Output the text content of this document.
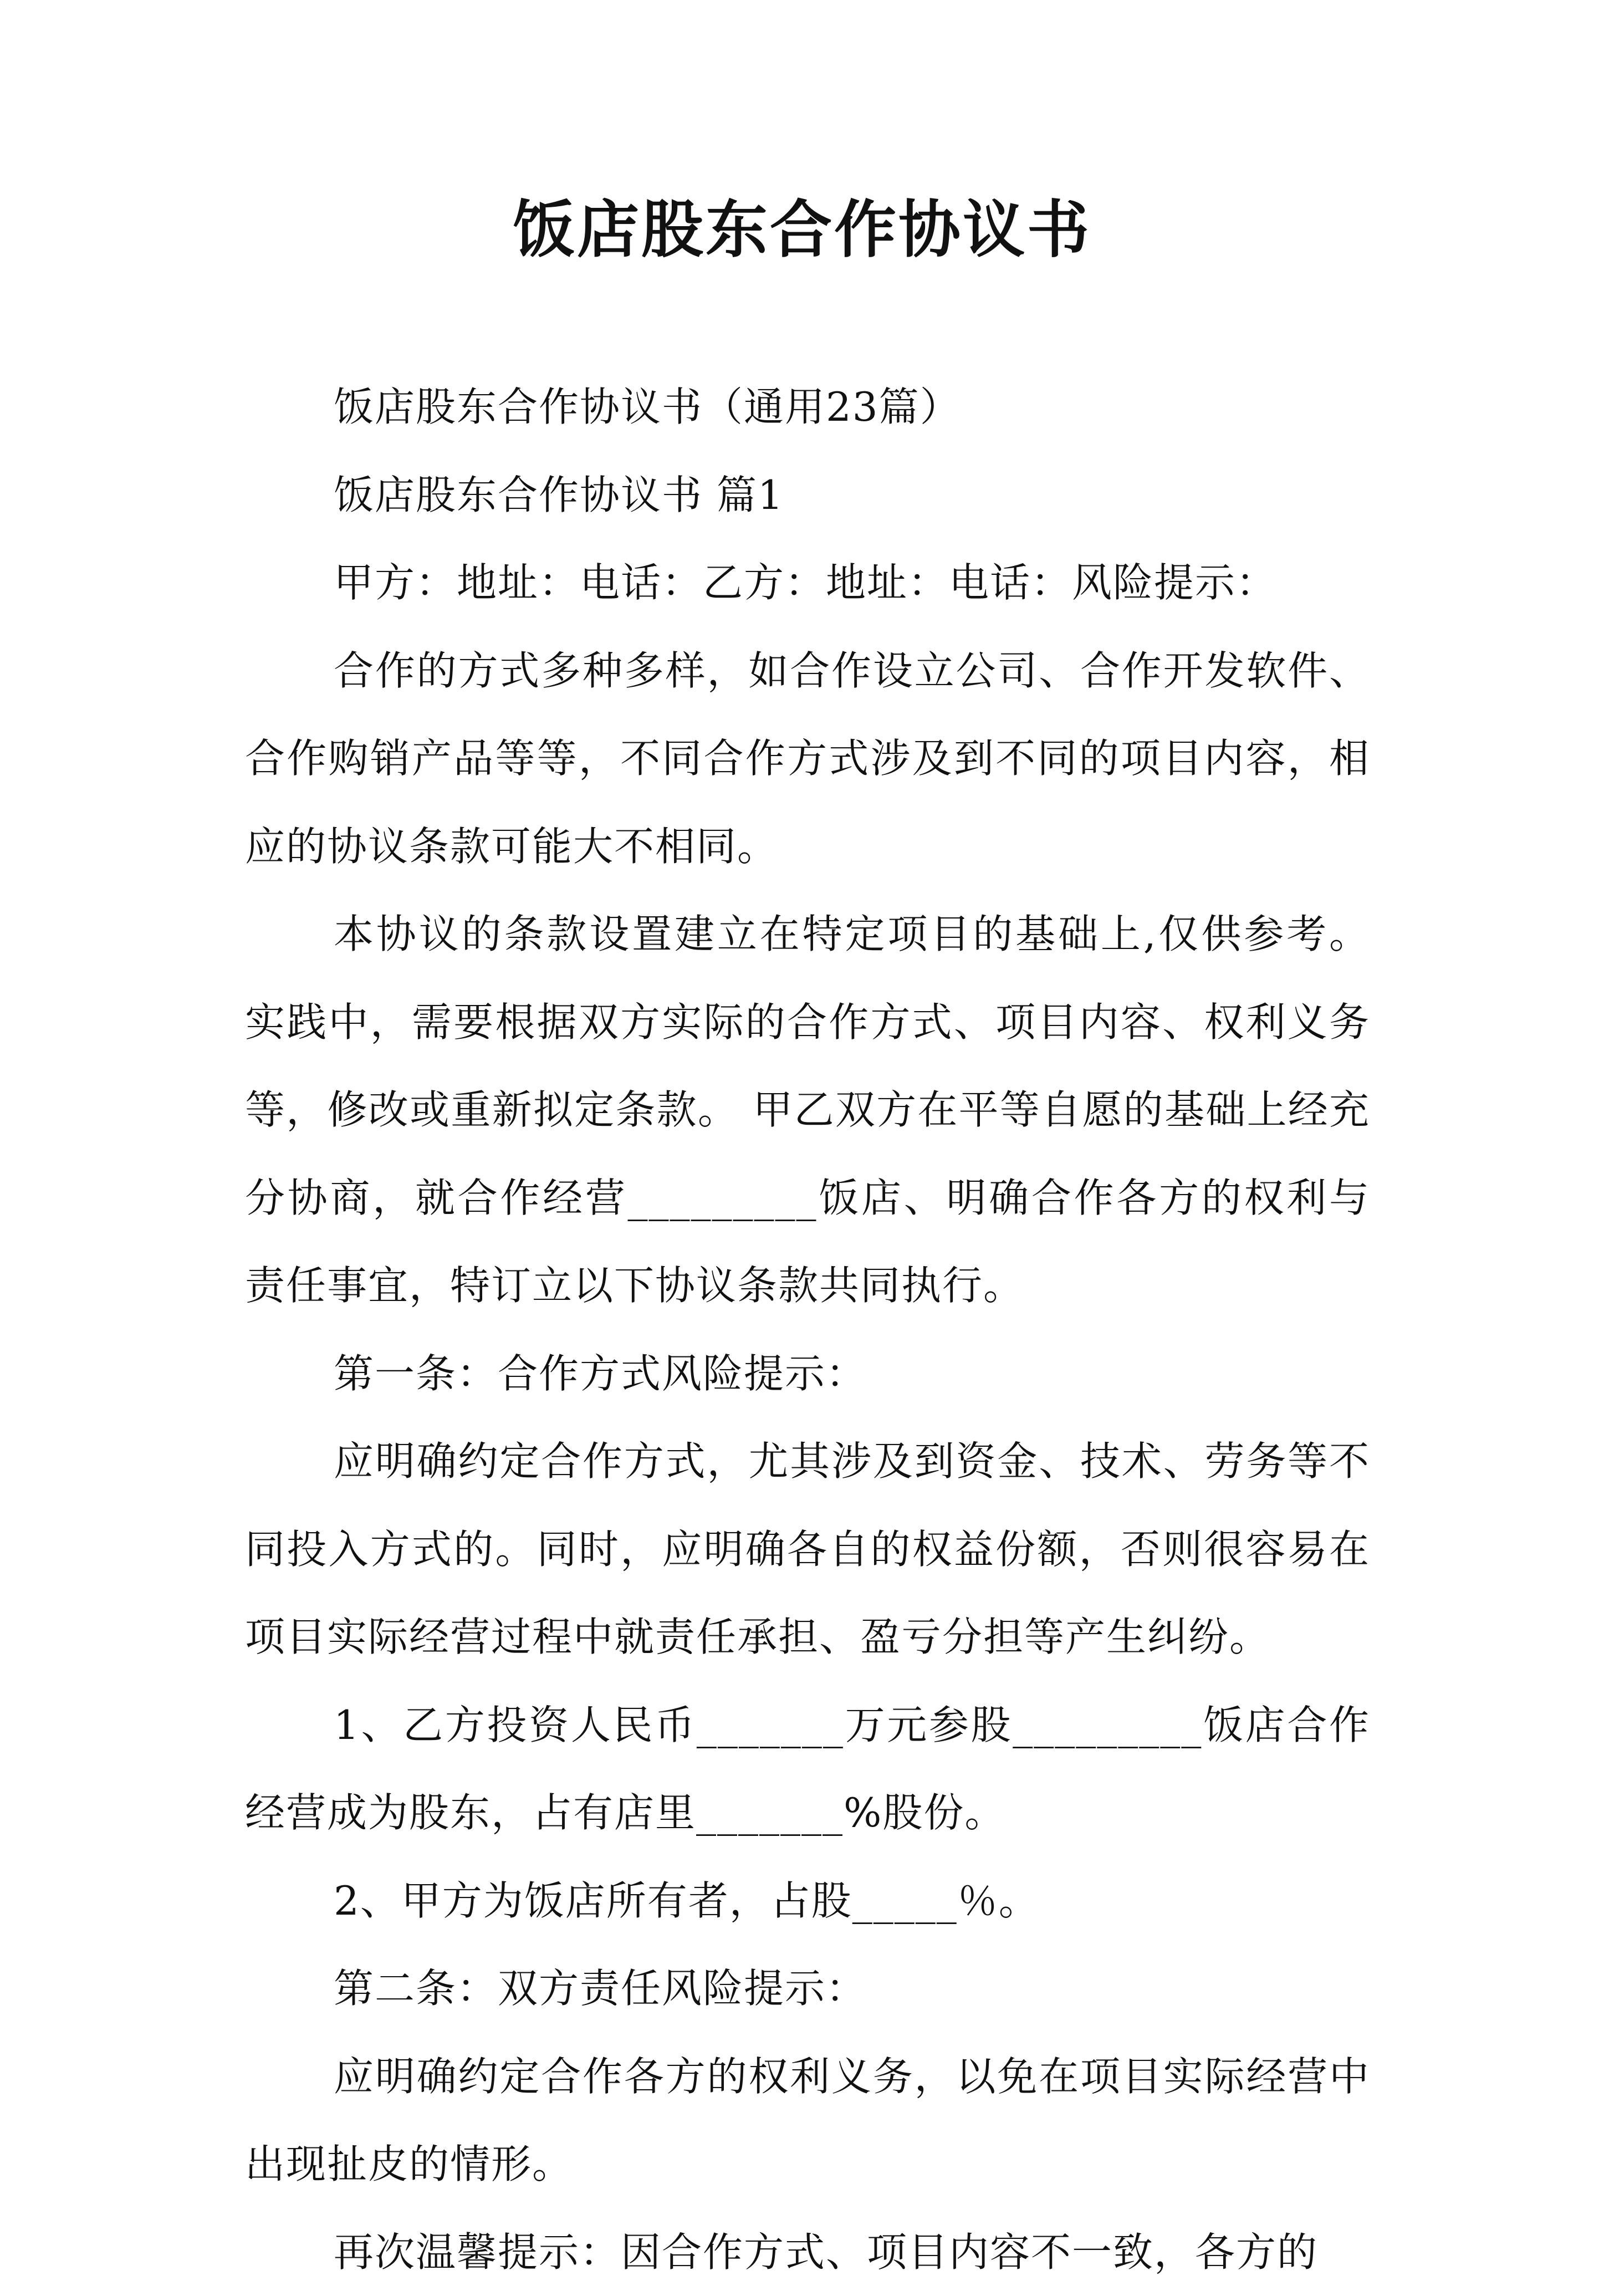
饭店股东合作协议书

饭店股东合作协议书（通用23篇）

饭店股东合作协议书 篇1

甲方：地址：电话：乙方：地址：电话：风险提示：

合作的方式多种多样，如合作设立公司、合作开发软件、合作购销产品等等，不同合作方式涉及到不同的项目内容，相应的协议条款可能大不相同。

本协议的条款设置建立在特定项目的基础上,仅供参考。实践中，需要根据双方实际的合作方式、项目内容、权利义务等，修改或重新拟定条款。 甲乙双方在平等自愿的基础上经充分协商，就合作经营_________饭店、明确合作各方的权利与责任事宜，特订立以下协议条款共同执行。

第一条：合作方式风险提示：

应明确约定合作方式，尤其涉及到资金、技术、劳务等不同投入方式的。同时，应明确各自的权益份额，否则很容易在项目实际经营过程中就责任承担、盈亏分担等产生纠纷。

1、乙方投资人民币_______万元参股_________饭店合作经营成为股东，占有店里_______%股份。

2、甲方为饭店所有者，占股_____％。

第二条：双方责任风险提示：

应明确约定合作各方的权利义务，以免在项目实际经营中出现扯皮的情形。

再次温馨提示：因合作方式、项目内容不一致，各方的
